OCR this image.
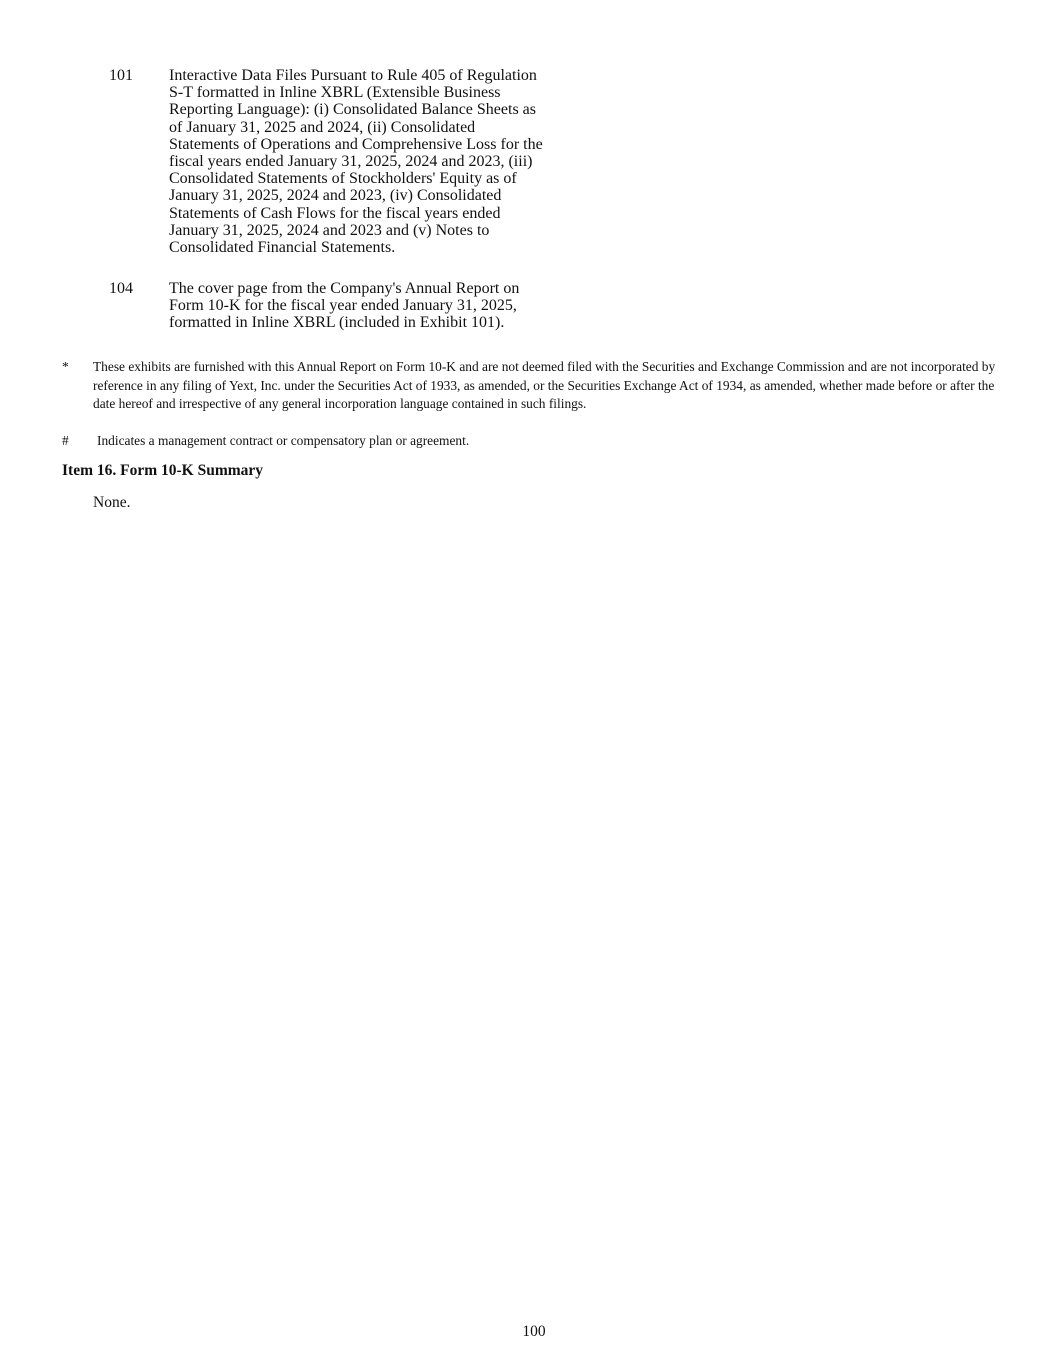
101 Interactive Data Files Pursuant to Rule 405 of Regulation S-T formatted in Inline XBRL (Extensible Business Reporting Language): (i) Consolidated Balance Sheets as of January 31, 2025 and 2024, (ii) Consolidated Statements of Operations and Comprehensive Loss for the fiscal years ended January 31, 2025, 2024 and 2023, (iii) Consolidated Statements of Stockholders' Equity as of January 31, 2025, 2024 and 2023, (iv) Consolidated Statements of Cash Flows for the fiscal years ended January 31, 2025, 2024 and 2023 and (v) Notes to Consolidated Financial Statements.

104 The cover page from the Company's Annual Report on Form 10-K for the fiscal year ended January 31, 2025, formatted in Inline XBRL (included in Exhibit 101).

* These exhibits are furnished with this Annual Report on Form 10-K and are not deemed filed with the Securities and Exchange Commission and are not incorporated by reference in any filing of Yext, Inc. under the Securities Act of 1933, as amended, or the Securities Exchange Act of 1934, as amended, whether made before or after the date hereof and irrespective of any general incorporation language contained in such filings.

# Indicates a management contract or compensatory plan or agreement.

Item 16. Form 10-K Summary

None.

100
